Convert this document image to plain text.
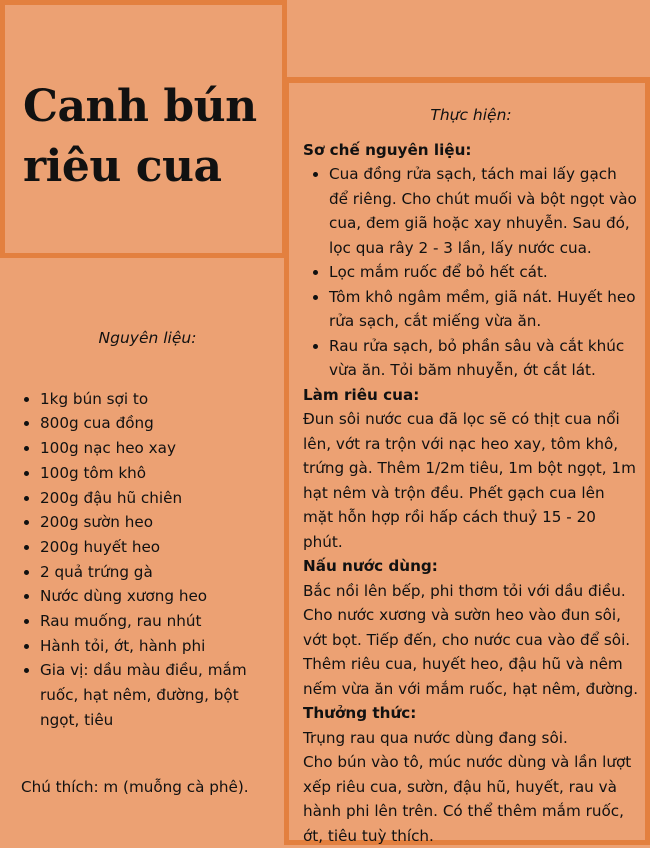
Canh bún riêu cua

Nguyên liệu:

• 1kg bún sợi to
• 800g cua đồng
• 100g nạc heo xay
• 100g tôm khô
• 200g đậu hũ chiên
• 200g sườn heo
• 200g huyết heo
• 2 quả trứng gà
• Nước dùng xương heo
• Rau muống, rau nhút
• Hành tỏi, ớt, hành phi
• Gia vị: dầu màu điều, mắm ruốc, hạt nêm, đường, bột ngọt, tiêu

Chú thích: m (muỗng cà phê).

Thực hiện:

Sơ chế nguyên liệu:

• Cua đồng rửa sạch, tách mai lấy gạch để riêng. Cho chút muối và bột ngọt vào cua, đem giã hoặc xay nhuyễn. Sau đó, lọc qua rây 2 - 3 lần, lấy nước cua.
• Lọc mắm ruốc để bỏ hết cát.
• Tôm khô ngâm mềm, giã nát. Huyết heo rửa sạch, cắt miếng vừa ăn.
• Rau rửa sạch, bỏ phần sâu và cắt khúc vừa ăn. Tỏi băm nhuyễn, ớt cắt lát.

Làm riêu cua:

Đun sôi nước cua đã lọc sẽ có thịt cua nổi lên, vớt ra trộn với nạc heo xay, tôm khô, trứng gà. Thêm 1/2m tiêu, 1m bột ngọt, 1m hạt nêm và trộn đều. Phết gạch cua lên mặt hỗn hợp rồi hấp cách thuỷ 15 - 20 phút.

Nấu nước dùng:

Bắc nồi lên bếp, phi thơm tỏi với dầu điều. Cho nước xương và sườn heo vào đun sôi, vớt bọt. Tiếp đến, cho nước cua vào để sôi. Thêm riêu cua, huyết heo, đậu hũ và nêm nếm vừa ăn với mắm ruốc, hạt nêm, đường.

Thưởng thức:

Trụng rau qua nước dùng đang sôi.

Cho bún vào tô, múc nước dùng và lần lượt xếp riêu cua, sườn, đậu hũ, huyết, rau và hành phi lên trên. Có thể thêm mắm ruốc, ớt, tiêu tuỳ thích.
